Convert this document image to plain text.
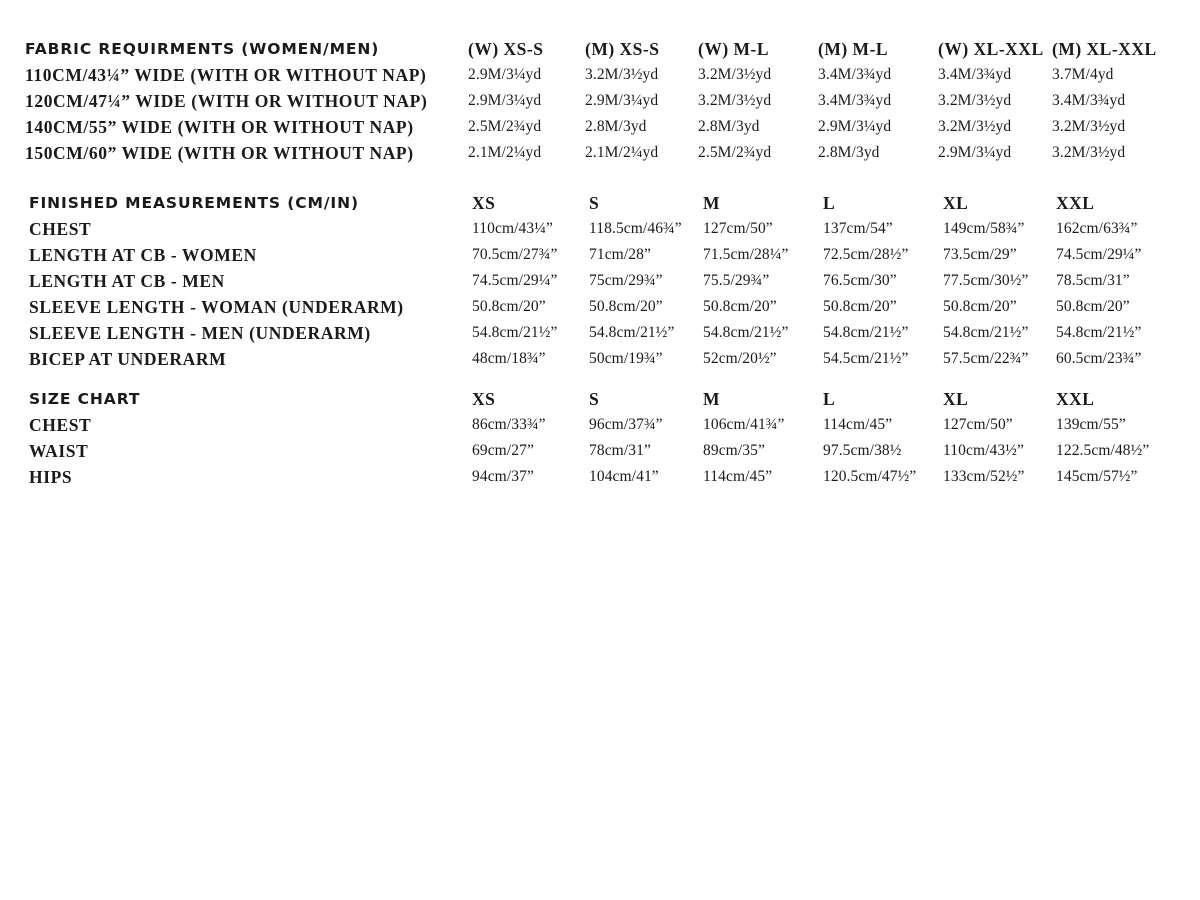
FABRIC REQUIRMENTS (WOMEN/MEN)	(W) XS-S (M) XS-S (W) M-L	(M) M-L	(W) XL-XXL (M) XL-XXL
110CM/43¼” WIDE (WITH OR WITHOUT NAP)	2.9M/3¼yd	3.2M/3½yd	3.2M/3½yd	3.4M/3¾yd	3.4M/3¾yd	3.7M/4yd
120CM/47¼” WIDE (WITH OR WITHOUT NAP)	2.9M/3¼yd	2.9M/3¼yd	3.2M/3½yd	3.4M/3¾yd	3.2M/3½yd	3.4M/3¾yd
140CM/55” WIDE (WITH OR WITHOUT NAP)	2.5M/2¾yd	2.8M/3yd	2.8M/3yd	2.9M/3¼yd	3.2M/3½yd	3.2M/3½yd
150CM/60” WIDE (WITH OR WITHOUT NAP)	2.1M/2¼yd	2.1M/2¼yd	2.5M/2¾yd	2.8M/3yd	2.9M/3¼yd	3.2M/3½yd
FINISHED MEASUREMENTS (CM/IN)	XS	S	M	L	XL	XXL
CHEST	110cm/43¼” 118.5cm/46¾” 127cm/50”	137cm/54”	149cm/58¾” 162cm/63¾”
LENGTH AT CB - WOMEN	70.5cm/27¾” 71cm/28”	71.5cm/28¼” 72.5cm/28½” 73.5cm/29”	74.5cm/29¼”
LENGTH AT CB - MEN	74.5cm/29¼” 75cm/29¾”	75.5/29¾”	76.5cm/30”	77.5cm/30½” 78.5cm/31”
SLEEVE LENGTH - WOMAN (UNDERARM)	50.8cm/20”	50.8cm/20”	50.8cm/20”	50.8cm/20”	50.8cm/20”	50.8cm/20”
SLEEVE LENGTH - MEN (UNDERARM)	54.8cm/21½” 54.8cm/21½” 54.8cm/21½” 54.8cm/21½” 54.8cm/21½” 54.8cm/21½”
BICEP AT UNDERARM	48cm/18¾”	50cm/19¾”	52cm/20½”	54.5cm/21½” 57.5cm/22¾” 60.5cm/23¾”
SIZE CHART	XS	S	M	L	XL	XXL
CHEST	86cm/33¾”	96cm/37¾”	106cm/41¾” 114cm/45”	127cm/50”	139cm/55”
WAIST	69cm/27”	78cm/31”	89cm/35”	97.5cm/38½	110cm/43½” 122.5cm/48½”
HIPS	94cm/37”	104cm/41”	114cm/45”	120.5cm/47½” 133cm/52½” 145cm/57½”
